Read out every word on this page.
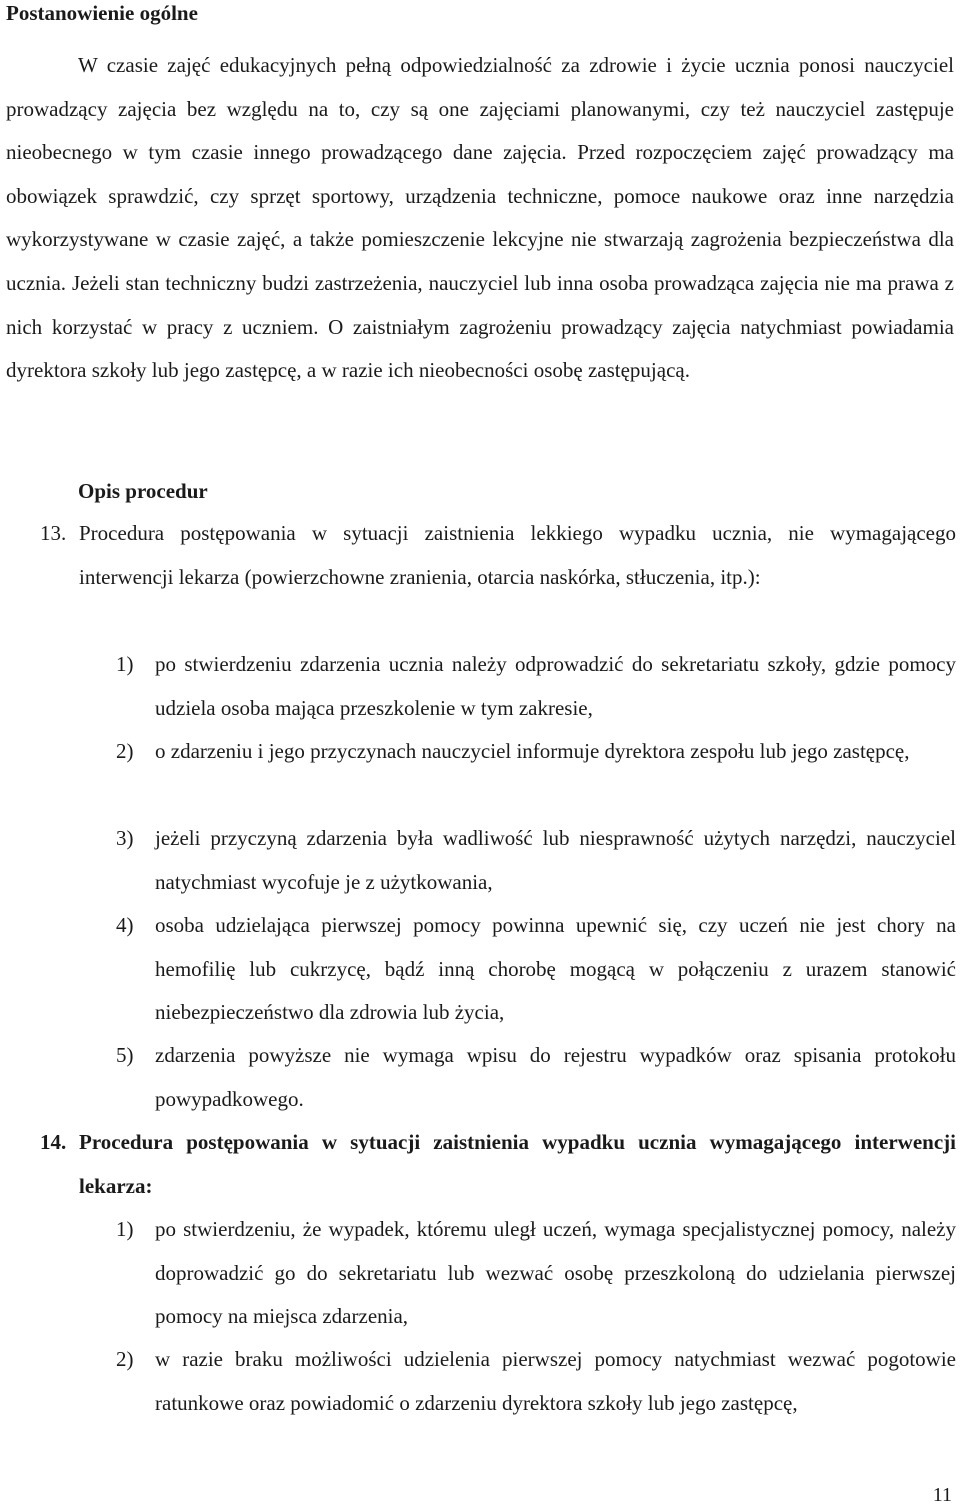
Postanowienie ogólne

W czasie zajęć edukacyjnych pełną odpowiedzialność za zdrowie i życie ucznia ponosi nauczyciel prowadzący zajęcia bez względu na to, czy są one zajęciami planowanymi, czy też nauczyciel zastępuje nieobecnego w tym czasie innego prowadzącego dane zajęcia. Przed rozpoczęciem zajęć prowadzący ma obowiązek sprawdzić, czy sprzęt sportowy, urządzenia techniczne, pomoce naukowe oraz inne narzędzia wykorzystywane w czasie zajęć, a także pomieszczenie lekcyjne nie stwarzają zagrożenia bezpieczeństwa dla ucznia. Jeżeli stan techniczny budzi zastrzeżenia, nauczyciel lub inna osoba prowadząca zajęcia nie ma prawa z nich korzystać w pracy z uczniem. O zaistniałym zagrożeniu prowadzący zajęcia natychmiast powiadamia dyrektora szkoły lub jego zastępcę, a w razie ich nieobecności osobę zastępującą.

Opis procedur
13. Procedura postępowania w sytuacji zaistnienia lekkiego wypadku ucznia, nie wymagającego interwencji lekarza (powierzchowne zranienia, otarcia naskórka, stłuczenia, itp.):

1) po stwierdzeniu zdarzenia ucznia należy odprowadzić do sekretariatu szkoły, gdzie pomocy udziela osoba mająca przeszkolenie w tym zakresie,

2) o zdarzeniu i jego przyczynach nauczyciel informuje dyrektora zespołu lub jego zastępcę,

3) jeżeli przyczyną zdarzenia była wadliwość lub niesprawność użytych narzędzi, nauczyciel natychmiast wycofuje je z użytkowania,

4) osoba udzielająca pierwszej pomocy powinna upewnić się, czy uczeń nie jest chory na hemofilię lub cukrzycę, bądź inną chorobę mogącą w połączeniu z urazem stanowić niebezpieczeństwo dla zdrowia lub życia,

5) zdarzenia powyższe nie wymaga wpisu do rejestru wypadków oraz spisania protokołu powypadkowego.

14. Procedura postępowania w sytuacji zaistnienia wypadku ucznia wymagającego interwencji lekarza:

1) po stwierdzeniu, że wypadek, któremu uległ uczeń, wymaga specjalistycznej pomocy, należy doprowadzić go do sekretariatu lub wezwać osobę przeszkoloną do udzielania pierwszej pomocy na miejsca zdarzenia,

2) w razie braku możliwości udzielenia pierwszej pomocy natychmiast wezwać pogotowie ratunkowe oraz powiadomić o zdarzeniu dyrektora szkoły lub jego zastępcę,

11
